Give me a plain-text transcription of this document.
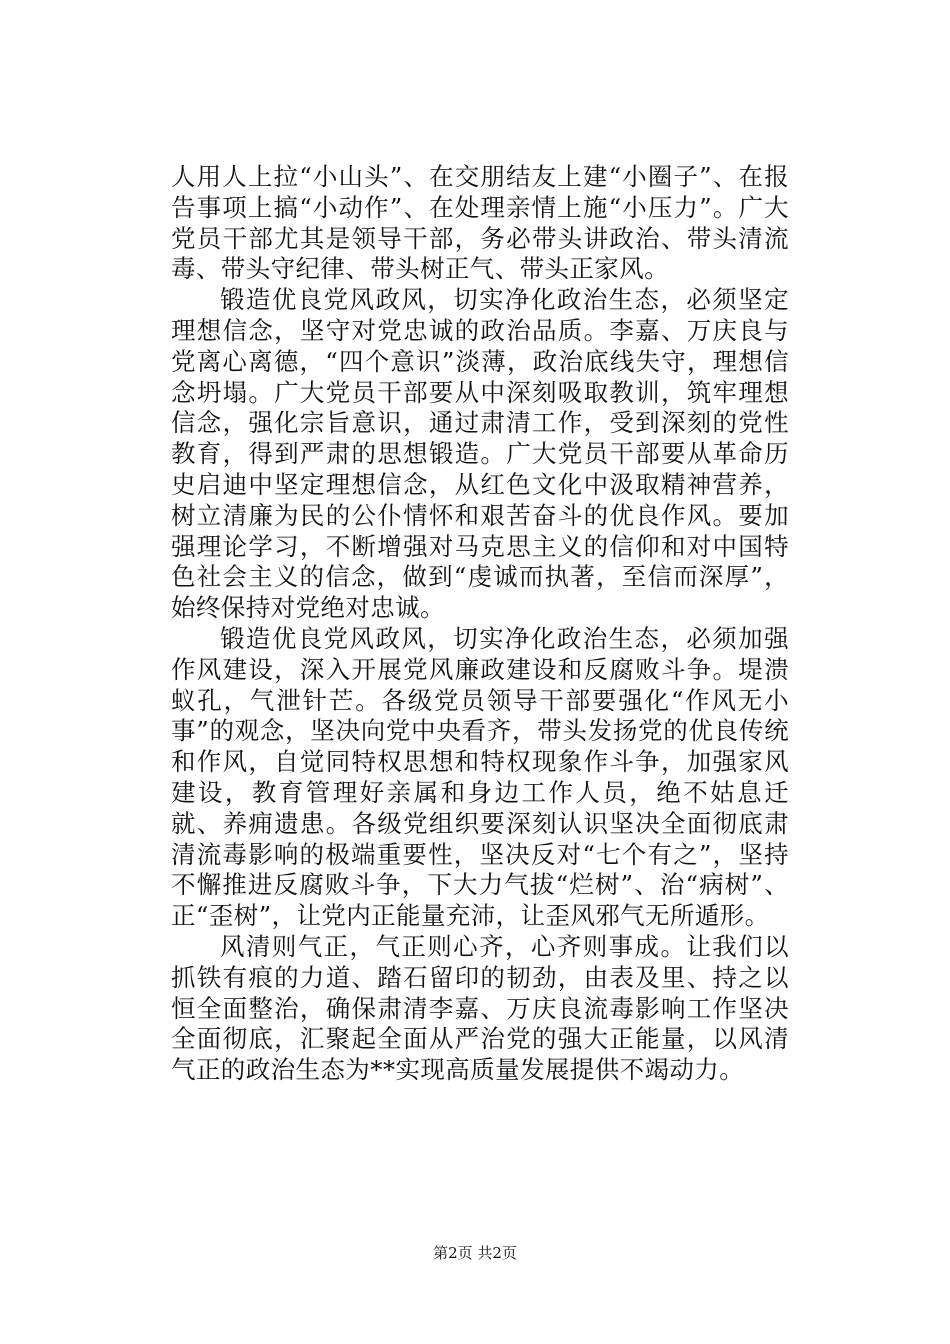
人用人上拉“小山头”、在交朋结友上建“小圈子”、在报告事项上搞“小动作”、在处理亲情上施“小压力”。广大党员干部尤其是领导干部，务必带头讲政治、带头清流毒、带头守纪律、带头树正气、带头正家风。

锻造优良党风政风，切实净化政治生态，必须坚定理想信念，坚守对党忠诚的政治品质。李嘉、万庆良与党离心离德，“四个意识”淡薄，政治底线失守，理想信念坍塌。广大党员干部要从中深刻吸取教训，筑牢理想信念，强化宗旨意识，通过肃清工作，受到深刻的党性教育，得到严肃的思想锻造。广大党员干部要从革命历史启迪中坚定理想信念，从红色文化中汲取精神营养，树立清廉为民的公仆情怀和艰苦奋斗的优良作风。要加强理论学习，不断增强对马克思主义的信仰和对中国特色社会主义的信念，做到“虔诚而执著，至信而深厚”，始终保持对党绝对忠诚。

锻造优良党风政风，切实净化政治生态，必须加强作风建设，深入开展党风廉政建设和反腐败斗争。堤溃蚁孔，气泄针芒。各级党员领导干部要强化“作风无小事”的观念，坚决向党中央看齐，带头发扬党的优良传统和作风，自觉同特权思想和特权现象作斗争，加强家风建设，教育管理好亲属和身边工作人员，绝不姑息迁就、养痈遗患。各级党组织要深刻认识坚决全面彻底肃清流毒影响的极端重要性，坚决反对“七个有之”，坚持不懈推进反腐败斗争，下大力气拔“烂树”、治“病树”、正“歪树”，让党内正能量充沛，让歪风邪气无所遁形。

风清则气正，气正则心齐，心齐则事成。让我们以抓铁有痕的力道、踏石留印的韧劲，由表及里、持之以恒全面整治，确保肃清李嘉、万庆良流毒影响工作坚决全面彻底，汇聚起全面从严治党的强大正能量，以风清气正的政治生态为**实现高质量发展提供不竭动力。

第2页 共2页
